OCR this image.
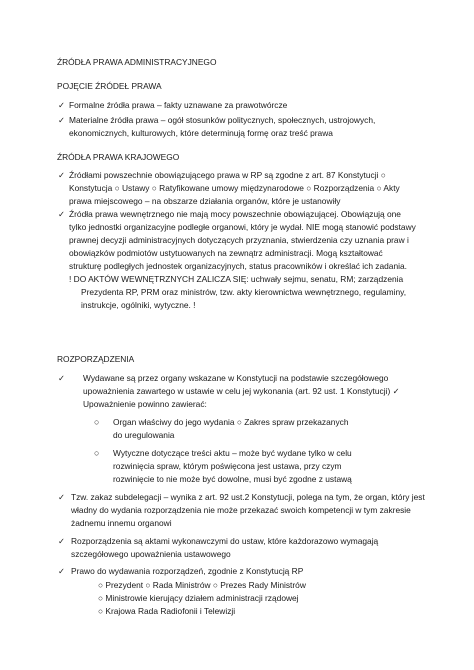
ŹRÓDŁA PRAWA ADMINISTRACYJNEGO
POJĘCIE ŹRÓDEŁ PRAWA
✓ Formalne źródła prawa – fakty uznawane za prawotwórcze
✓ Materialne źródła prawa – ogół stosunków politycznych, społecznych, ustrojowych,
ekonomicznych, kulturowych, które determinują formę oraz treść prawa
ŹRÓDŁA PRAWA KRAJOWEGO
✓ Źródłami powszechnie obowiązującego prawa w RP są zgodne z art. 87 Konstytucji ○
Konstytucja ○ Ustawy ○ Ratyfikowane umowy międzynarodowe ○ Rozporządzenia ○ Akty
prawa miejscowego – na obszarze działania organów, które je ustanowiły
✓ Źródła prawa wewnętrznego nie mają mocy powszechnie obowiązującej. Obowiązują one
tylko jednostki organizacyjne podległe organowi, który je wydał. NIE mogą stanowić podstawy
prawnej decyzji administracyjnych dotyczących przyznania, stwierdzenia czy uznania praw i
obowiązków podmiotów ustytuowanych na zewnątrz administracji. Mogą kształtować
strukturę podległych jednostek organizacyjnych, status pracowników i określać ich zadania.
! DO AKTÓW WEWNĘTRZNYCH ZALICZA SIĘ: uchwały sejmu, senatu, RM; zarządzenia
Prezydenta RP, PRM oraz ministrów, tzw. akty kierownictwa wewnętrznego, regulaminy,
instrukcje, ogólniki, wytyczne. !
ROZPORZĄDZENIA
✓ Wydawane są przez organy wskazane w Konstytucji na podstawie szczegółowego
upoważnienia zawartego w ustawie w celu jej wykonania (art. 92 ust. 1 Konstytucji) ✓
Upoważnienie powinno zawierać:
○ Organ właściwy do jego wydania ○ Zakres spraw przekazanych
do uregulowania
○ Wytyczne dotyczące treści aktu – może być wydane tylko w celu
rozwinięcia spraw, którym poświęcona jest ustawa, przy czym
rozwinięcie to nie może być dowolne, musi być zgodne z ustawą
✓ Tzw. zakaz subdelegacji – wynika z art. 92 ust.2 Konstytucji, polega na tym, że organ, który jest
władny do wydania rozporządzenia nie może przekazać swoich kompetencji w tym zakresie
żadnemu innemu organowi
✓ Rozporządzenia są aktami wykonawczymi do ustaw, które każdorazowo wymagają
szczegółowego upoważnienia ustawowego
✓ Prawo do wydawania rozporządzeń, zgodnie z Konstytucją RP
○ Prezydent ○ Rada Ministrów ○ Prezes Rady Ministrów
○ Ministrowie kierujący działem administracji rządowej
○ Krajowa Rada Radiofonii i Telewizji
